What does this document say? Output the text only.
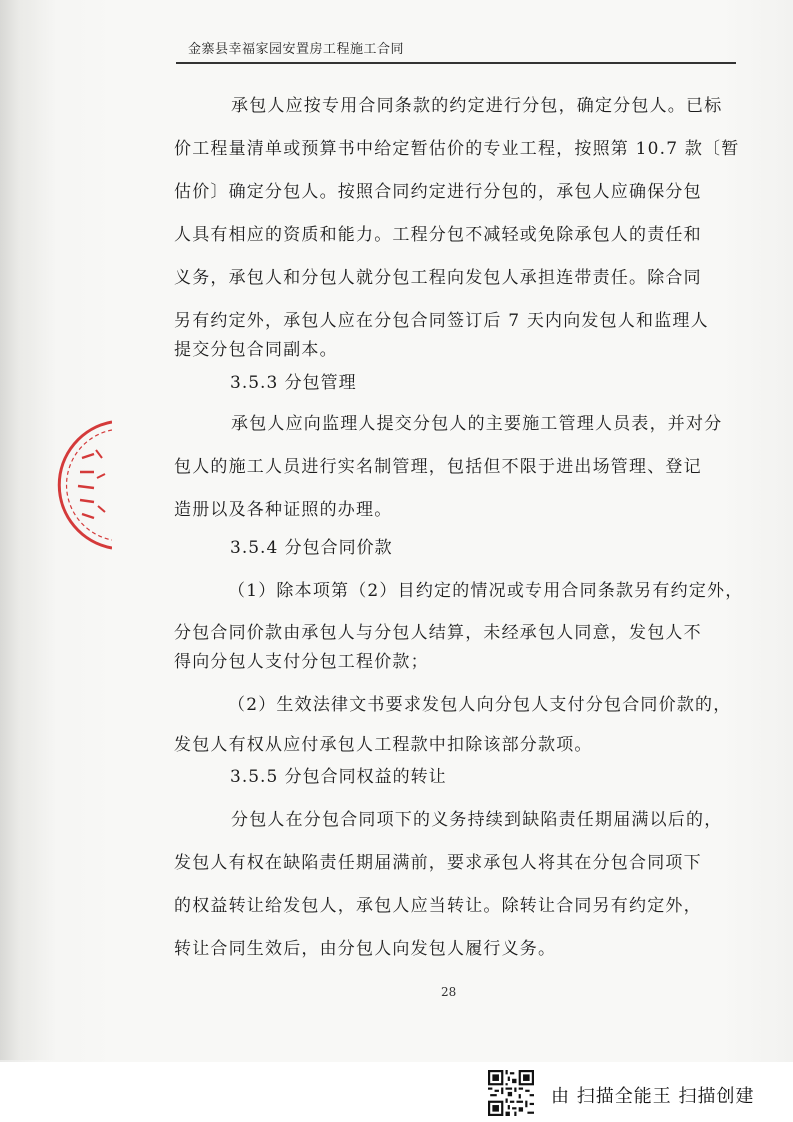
金寨县幸福家园安置房工程施工合同
承包人应按专用合同条款的约定进行分包，确定分包人。已标
价工程量清单或预算书中给定暂估价的专业工程，按照第 10.7 款〔暂
估价〕确定分包人。按照合同约定进行分包的，承包人应确保分包
人具有相应的资质和能力。工程分包不减轻或免除承包人的责任和
义务，承包人和分包人就分包工程向发包人承担连带责任。除合同
另有约定外，承包人应在分包合同签订后 7 天内向发包人和监理人
提交分包合同副本。
3.5.3 分包管理
承包人应向监理人提交分包人的主要施工管理人员表，并对分
包人的施工人员进行实名制管理，包括但不限于进出场管理、登记
造册以及各种证照的办理。
3.5.4 分包合同价款
（1）除本项第（2）目约定的情况或专用合同条款另有约定外，
分包合同价款由承包人与分包人结算，未经承包人同意，发包人不
得向分包人支付分包工程价款；
（2）生效法律文书要求发包人向分包人支付分包合同价款的，
发包人有权从应付承包人工程款中扣除该部分款项。
3.5.5 分包合同权益的转让
分包人在分包合同项下的义务持续到缺陷责任期届满以后的，
发包人有权在缺陷责任期届满前，要求承包人将其在分包合同项下
的权益转让给发包人，承包人应当转让。除转让合同另有约定外，
28
由 扫描全能王 扫描创建
转让合同生效后，由分包人向发包人履行义务。
